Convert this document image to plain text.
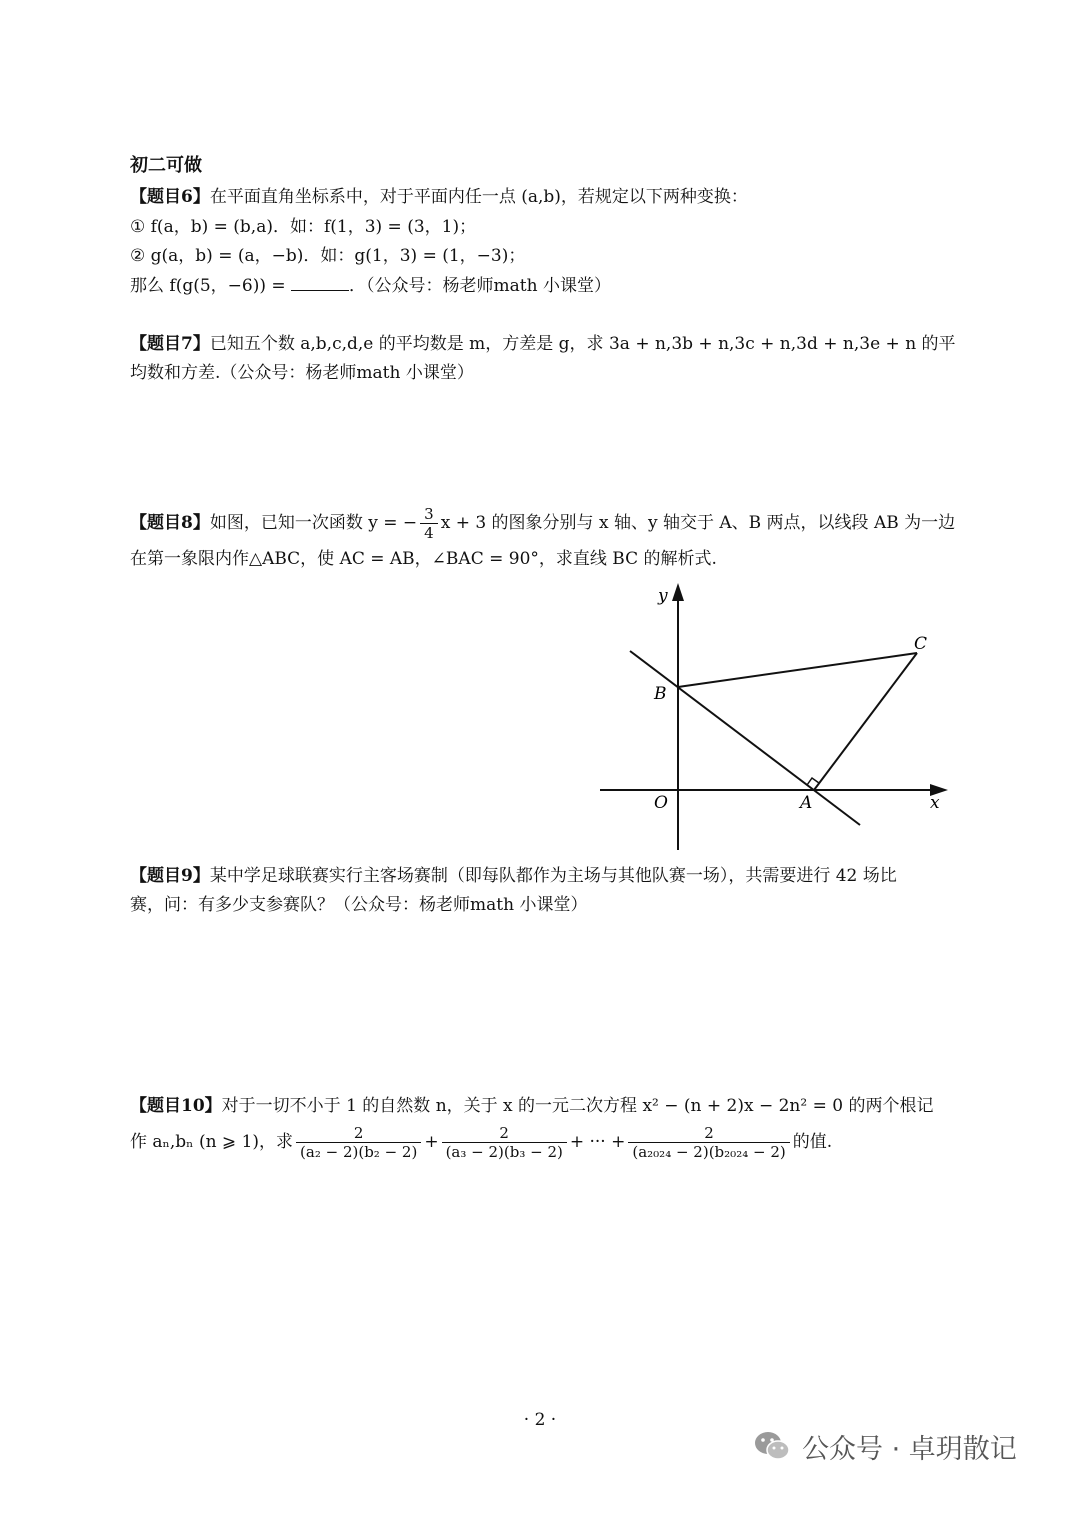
初二可做
【题目6】在平面直角坐标系中，对于平面内任一点 (a,b)，若规定以下两种变换：
① f(a，b) = (b,a)．如：f(1，3) = (3，1)；
② g(a，b) = (a，−b)．如：g(1，3) = (1，−3)；
那么 f(g(5，−6)) =	．（公众号：杨老师math 小课堂）
【题目7】已知五个数 a,b,c,d,e 的平均数是 m，方差是 g，求 3a + n,3b + n,3c + n,3d + n,3e + n 的平
均数和方差.（公众号：杨老师math 小课堂）
【题目8】如图，已知一次函数 y = − $\frac{3}{4}$ x + 3 的图象分别与 x 轴、y 轴交于 A、B 两点，以线段 AB 为一边
在第一象限内作△ABC，使 AC = AB，∠BAC = 90°，求直线 BC 的解析式.
y
x
O	A
B
C
【题目9】某中学足球联赛实行主客场赛制（即每队都作为主场与其他队赛一场），共需要进行 42 场比
赛，问：有多少支参赛队？（公众号：杨老师math 小课堂）
【题目10】对于一切不小于 1 的自然数 n，关于 x 的一元二次方程 x² − (n + 2)x − 2n² = 0 的两个根记
作 aₙ,bₙ (n ⩾ 1)，求 $\frac{2}{\text{(a₂ − 2)(b₂ − 2)}} + \frac{2}{\text{(a₃ − 2)(b₃ − 2)}}$ + ··· + $\frac{2}{\text{(a₂₀₂₄ − 2)(b₂₀₂₄ − 2)}}$ 的值.
· 2 ·
公众号 · 卓玥散记
